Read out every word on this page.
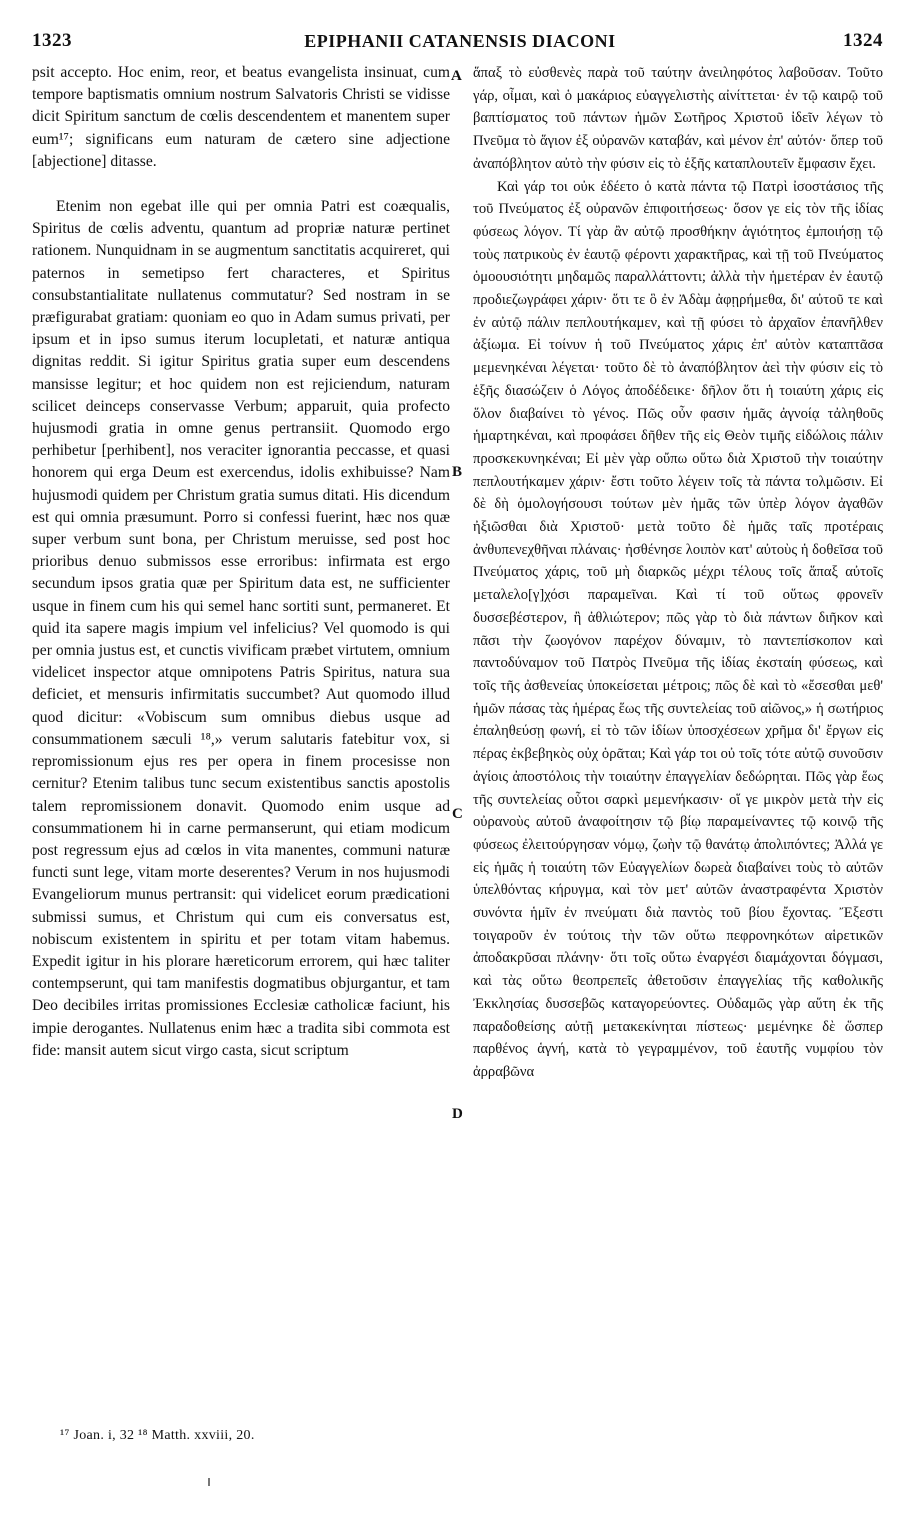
1323	EPIPHANII CATANENSIS DIACONI	1324

psit accepto. Hoc enim, reor, et beatus evangelista insinuat, cum tempore baptismatis omnium nostrum Salvatoris Christi se vidisse dicit Spiritum sanctum de cœlis descendentem et manentem super eum¹⁷; significans eum naturam de cætero sine adjectione [abjectione] ditasse.

Etenim non egebat ille qui per omnia Patri est coæqualis, Spiritus de cœlis adventu, quantum ad propriæ naturæ pertinet rationem. Nunquidnam in se augmentum sanctitatis acquireret, qui paternos in semetipso fert characteres, et Spiritus consubstantialitate nullatenus commutatur? Sed nostram in se præfigurabat gratiam: quoniam eo quo in Adam sumus privati, per ipsum et in ipso sumus iterum locupletati, et naturæ antiqua dignitas reddit. Si igitur Spiritus gratia super eum descendens mansisse legitur; et hoc quidem non est rejiciendum, naturam scilicet deinceps conservasse Verbum; apparuit, quia profecto hujusmodi gratia in omne genus pertransiit. Quomodo ergo perhibetur [perhibent], nos veraciter ignorantia peccasse, et quasi honorem qui erga Deum est exercendus, idolis exhibuisse? Nam hujusmodi quidem per Christum gratia sumus ditati. His dicendum est qui omnia præsumunt. Porro si confessi fuerint, hæc nos quæ super verbum sunt bona, per Christum meruisse, sed post hoc prioribus denuo submissos esse erroribus: infirmata est ergo secundum ipsos gratia quæ per Spiritum data est, ne sufficienter usque in finem cum his qui semel hanc sortiti sunt, permaneret. Et quid ita sapere magis impium vel infelicius? Vel quomodo is qui per omnia justus est, et cunctis vivificam præbet virtutem, omnium videlicet inspector atque omnipotens Patris Spiritus, natura sua deficiet, et mensuris infirmitatis succumbet? Aut quomodo illud quod dicitur: «Vobiscum sum omnibus diebus usque ad consummationem sæculi ¹⁸,» verum salutaris fatebitur vox, si repromissionum ejus res per opera in finem procesisse non cernitur? Etenim talibus tunc secum existentibus sanctis apostolis talem repromissionem donavit. Quomodo enim usque ad consummationem hi in carne permanserunt, qui etiam modicum post regressum ejus ad cœlos in vita manentes, communi naturæ functi sunt lege, vitam morte deserentes? Verum in nos hujusmodi Evangeliorum munus pertransit: qui videlicet eorum prædicationi submissi sumus, et Christum qui cum eis conversatus est, nobiscum existentem in spiritu et per totam vitam habemus. Expedit igitur in his plorare hæreticorum errorem, qui hæc taliter contempserunt, qui tam manifestis dogmatibus objurgantur, et tam Deo decibiles irritas promissiones Ecclesiæ catholicæ faciunt, his impie derogantes. Nullatenus enim hæc a tradita sibi commota est fide: mansit autem sicut virgo casta, sicut scriptum

A
B
C
D

ἅπαξ τὸ εὐσθενὲς παρὰ τοῦ ταύτην ἀνειληφότος λαβοῦσαν. Τοῦτο γάρ, οἶμαι, καὶ ὁ μακάριος εὐαγγελιστὴς αἰνίττεται· ἐν τῷ καιρῷ τοῦ βαπτίσματος τοῦ πάντων ἡμῶν Σωτῆρος Χριστοῦ ἰδεῖν λέγων τὸ Πνεῦμα τὸ ἅγιον ἐξ οὐρανῶν καταβάν, καὶ μένον ἐπ' αὐτόν· ὅπερ τοῦ ἀναπόβλητον αὐτὸ τὴν φύσιν εἰς τὸ ἑξῆς καταπλουτεῖν ἔμφασιν ἔχει.

Καὶ γάρ τοι οὐκ ἐδέετο ὁ κατὰ πάντα τῷ Πατρὶ ἰσοστάσιος τῆς τοῦ Πνεύματος ἐξ οὐρανῶν ἐπιφοιτήσεως· ὅσον γε εἰς τὸν τῆς ἰδίας φύσεως λόγον. Τί γὰρ ἂν αὐτῷ προσθήκην ἁγιότητος ἐμποιήσῃ τῷ τοὺς πατρικοὺς ἐν ἑαυτῷ φέροντι χαρακτῆρας, καὶ τῇ τοῦ Πνεύματος ὁμοουσιότητι μηδαμῶς παραλλάττοντι; ἀλλὰ τὴν ἡμετέραν ἐν ἑαυτῷ προδιεζωγράφει χάριν· ὅτι τε ὃ ἐν Ἀδὰμ ἀφῃρήμεθα, δι' αὐτοῦ τε καὶ ἐν αὐτῷ πάλιν πεπλουτήκαμεν, καὶ τῇ φύσει τὸ ἀρχαῖον ἐπανῆλθεν ἀξίωμα. Εἰ τοίνυν ἡ τοῦ Πνεύματος χάρις ἐπ' αὐτὸν καταπτᾶσα μεμενηκέναι λέγεται· τοῦτο δὲ τὸ ἀναπόβλητον ἀεὶ τὴν φύσιν εἰς τὸ ἑξῆς διασώζειν ὁ Λόγος ἀποδέδεικε· δῆλον ὅτι ἡ τοιαύτη χάρις εἰς ὅλον διαβαίνει τὸ γένος. Πῶς οὖν φασιν ἡμᾶς ἀγνοίᾳ τἀληθοῦς ἡμαρτηκέναι, καὶ προφάσει δῆθεν τῆς εἰς Θεὸν τιμῆς εἰδώλοις πάλιν προσκεκυνηκέναι; Εἰ μὲν γὰρ οὔπω οὕτω διὰ Χριστοῦ τὴν τοιαύτην πεπλουτήκαμεν χάριν· ἔστι τοῦτο λέγειν τοῖς τὰ πάντα τολμῶσιν. Εἰ δὲ δὴ ὁμολογήσουσι τούτων μὲν ἡμᾶς τῶν ὑπὲρ λόγον ἀγαθῶν ἠξιῶσθαι διὰ Χριστοῦ· μετὰ τοῦτο δὲ ἡμᾶς ταῖς προτέραις ἀνθυπενεχθῆναι πλάναις· ἠσθένησε λοιπὸν κατ' αὐτοὺς ἡ δοθεῖσα τοῦ Πνεύματος χάρις, τοῦ μὴ διαρκῶς μέχρι τέλους τοῖς ἅπαξ αὐτοῖς μεταλελο[γ]χόσι παραμεῖναι. Καὶ τί τοῦ οὕτως φρονεῖν δυσσεβέστερον, ἢ ἀθλιώτερον; πῶς γὰρ τὸ διὰ πάντων διῆκον καὶ πᾶσι τὴν ζωογόνον παρέχον δύναμιν, τὸ παντεπίσκοπον καὶ παντοδύναμον τοῦ Πατρὸς Πνεῦμα τῆς ἰδίας ἐκσταίη φύσεως, καὶ τοῖς τῆς ἀσθενείας ὑποκείσεται μέτροις; πῶς δὲ καὶ τὸ «ἔσεσθαι μεθ' ἡμῶν πάσας τὰς ἡμέρας ἕως τῆς συντελείας τοῦ αἰῶνος,» ἡ σωτήριος ἐπαληθεύσῃ φωνή, εἰ τὸ τῶν ἰδίων ὑποσχέσεων χρῆμα δι' ἔργων εἰς πέρας ἐκβεβηκὸς οὐχ ὁρᾶται; Καὶ γάρ τοι οὐ τοῖς τότε αὐτῷ συνοῦσιν ἁγίοις ἀποστόλοις τὴν τοιαύτην ἐπαγγελίαν δεδώρηται. Πῶς γὰρ ἕως τῆς συντελείας οὗτοι σαρκὶ μεμενήκασιν· οἵ γε μικρὸν μετὰ τὴν εἰς οὐρανοὺς αὐτοῦ ἀναφοίτησιν τῷ βίῳ παραμείναντες τῷ κοινῷ τῆς φύσεως ἐλειτούργησαν νόμῳ, ζωὴν τῷ θανάτῳ ἀπολιπόντες; Ἀλλά γε εἰς ἡμᾶς ἡ τοιαύτη τῶν Εὐαγγελίων δωρεὰ διαβαίνει τοὺς τὸ αὐτῶν ὑπελθόντας κήρυγμα, καὶ τὸν μετ' αὐτῶν ἀναστραφέντα Χριστὸν συνόντα ἡμῖν ἐν πνεύματι διὰ παντὸς τοῦ βίου ἔχοντας. Ἔξεστι τοιγαροῦν ἐν τούτοις τὴν τῶν οὕτω πεφρονηκότων αἱρετικῶν ἀποδακρῦσαι πλάνην· ὅτι τοῖς οὕτω ἐναργέσι διαμάχονται δόγμασι, καὶ τὰς οὕτω θεοπρεπεῖς ἀθετοῦσιν ἐπαγγελίας τῆς καθολικῆς Ἐκκλησίας δυσσεβῶς καταγορεύοντες. Οὐδαμῶς γὰρ αὕτη ἐκ τῆς παραδοθείσης αὐτῇ μετακεκίνηται πίστεως· μεμένηκε δὲ ὥσπερ παρθένος ἁγνή, κατὰ τὸ γεγραμμένον, τοῦ ἑαυτῆς νυμφίου τὸν ἀρραβῶνα

¹⁷ Joan. i, 32 ¹⁸ Matth. xxviii, 20.
